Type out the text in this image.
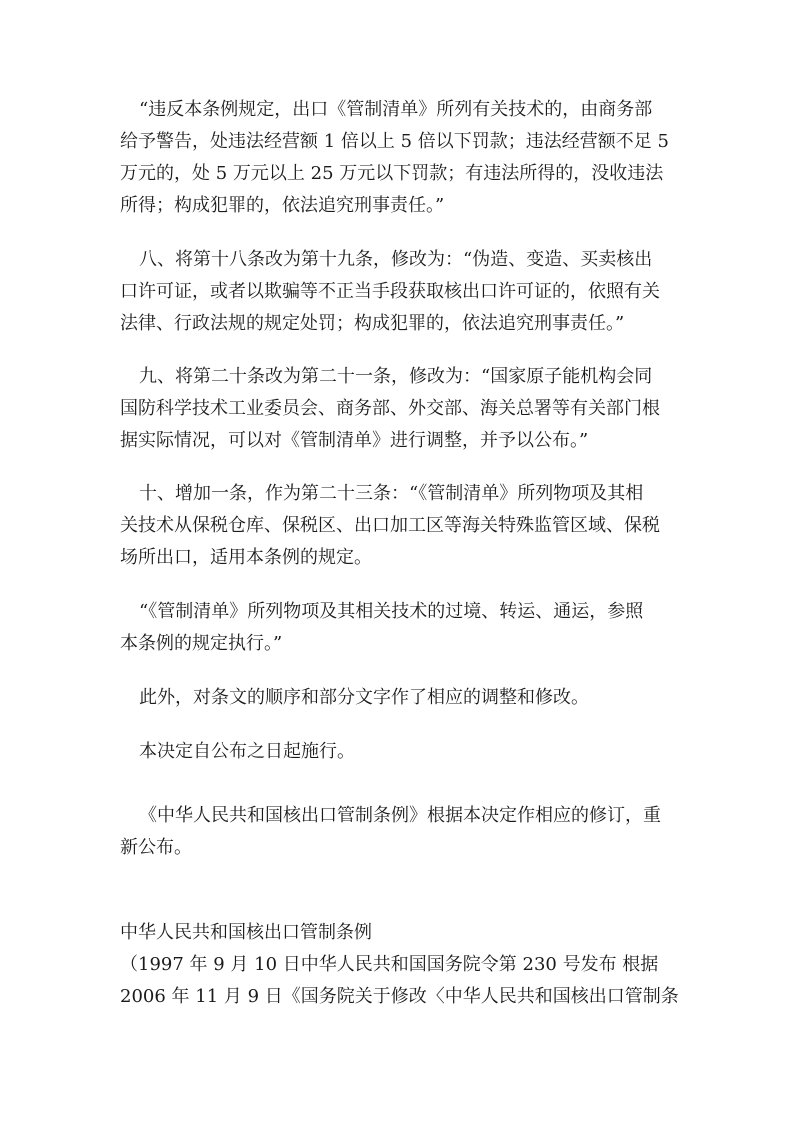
“违反本条例规定，出口《管制清单》所列有关技术的，由商务部
给予警告，处违法经营额 1 倍以上 5 倍以下罚款；违法经营额不足 5
万元的，处 5 万元以上 25 万元以下罚款；有违法所得的，没收违法
所得；构成犯罪的，依法追究刑事责任。”
八、将第十八条改为第十九条，修改为：“伪造、变造、买卖核出
口许可证，或者以欺骗等不正当手段获取核出口许可证的，依照有关
法律、行政法规的规定处罚；构成犯罪的，依法追究刑事责任。”
九、将第二十条改为第二十一条，修改为：“国家原子能机构会同
国防科学技术工业委员会、商务部、外交部、海关总署等有关部门根
据实际情况，可以对《管制清单》进行调整，并予以公布。”
十、增加一条，作为第二十三条：“《管制清单》所列物项及其相
关技术从保税仓库、保税区、出口加工区等海关特殊监管区域、保税
场所出口，适用本条例的规定。
“《管制清单》所列物项及其相关技术的过境、转运、通运，参照
本条例的规定执行。”
此外，对条文的顺序和部分文字作了相应的调整和修改。
本决定自公布之日起施行。
《中华人民共和国核出口管制条例》根据本决定作相应的修订，重
新公布。
中华人民共和国核出口管制条例
（1997 年 9 月 10 日中华人民共和国国务院令第 230 号发布 根据
2006 年 11 月 9 日《国务院关于修改〈中华人民共和国核出口管制条
